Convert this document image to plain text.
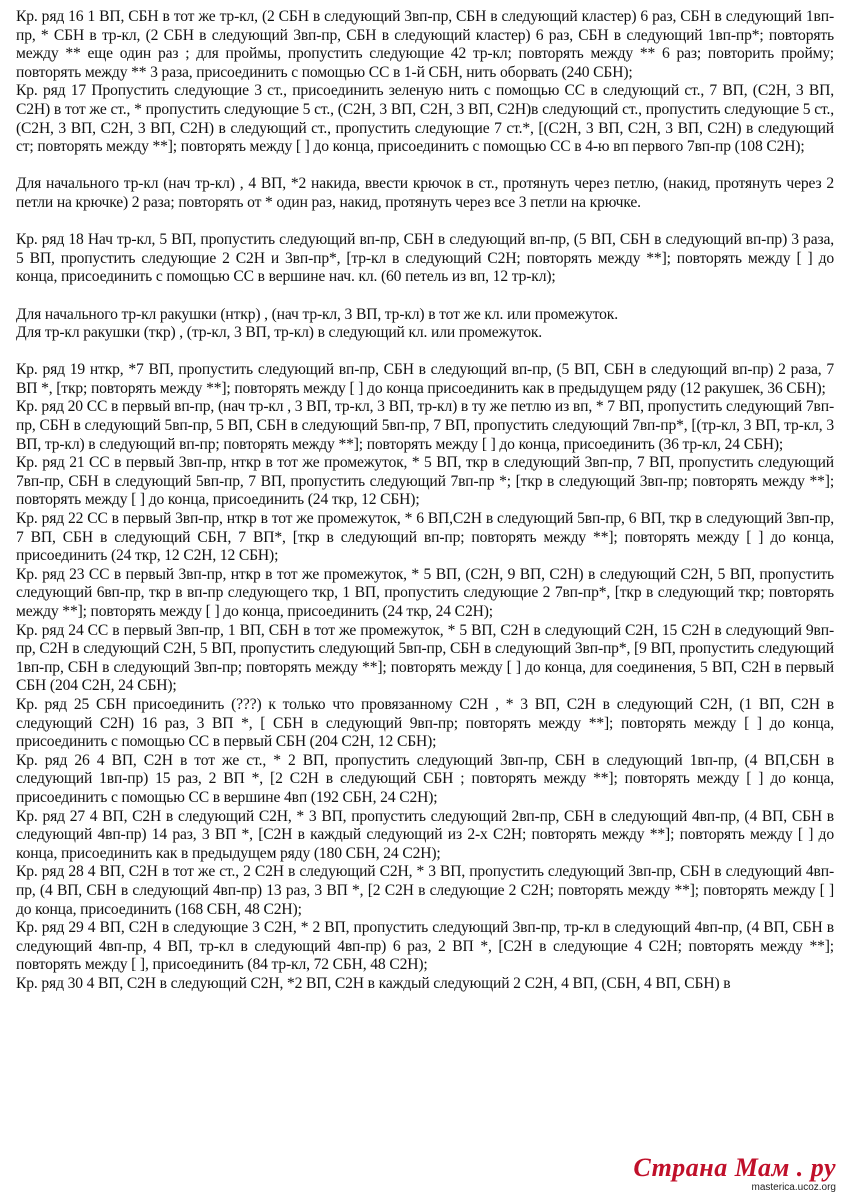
Кр. ряд 16 1 ВП, СБН в тот же тр-кл, (2 СБН в следующий 3вп-пр, СБН в следующий кластер) 6 раз, СБН в следующий 1вп-пр, * СБН в тр-кл, (2 СБН в следующий 3вп-пр, СБН в следующий кластер) 6 раз, СБН в следующий 1вп-пр*; повторять между ** еще один раз ; для проймы, пропустить следующие 42 тр-кл; повторять между ** 6 раз; повторить пройму; повторять между ** 3 раза, присоединить с помощью СС в 1-й СБН, нить оборвать (240 СБН);

Кр. ряд 17 Пропустить следующие 3 ст., присоединить зеленую нить с помощью СС в следующий ст., 7 ВП, (С2Н, 3 ВП, С2Н) в тот же ст., * пропустить следующие 5 ст., (С2Н, 3 ВП, С2Н, 3 ВП, С2Н)в следующий ст., пропустить следующие 5 ст., (С2Н, 3 ВП, С2Н, 3 ВП, С2Н) в следующий ст., пропустить следующие 7 ст.*, [(С2Н, 3 ВП, С2Н, 3 ВП, С2Н) в следующий ст; повторять между **]; повторять между [ ] до конца, присоединить с помощью СС в 4-ю вп первого 7вп-пр (108 С2Н);

Для начального тр-кл (нач тр-кл) , 4 ВП, *2 накида, ввести крючок в ст., протянуть через петлю, (накид, протянуть через 2 петли на крючке) 2 раза; повторять от * один раз, накид, протянуть через все 3 петли на крючке.

Кр. ряд 18 Нач тр-кл, 5 ВП, пропустить следующий вп-пр, СБН в следующий вп-пр, (5 ВП, СБН в следующий вп-пр) 3 раза, 5 ВП, пропустить следующие 2 С2Н и 3вп-пр*, [тр-кл в следующий С2Н; повторять между **]; повторять между [ ] до конца, присоединить с помощью СС в вершине нач. кл. (60 петель из вп, 12 тр-кл);

Для начального тр-кл ракушки (нткр) , (нач тр-кл, 3 ВП, тр-кл) в тот же кл. или промежуток.

Для тр-кл ракушки (ткр) , (тр-кл, 3 ВП, тр-кл) в следующий кл. или промежуток.

Кр. ряд 19 нткр, *7 ВП, пропустить следующий вп-пр, СБН в следующий вп-пр, (5 ВП, СБН в следующий вп-пр) 2 раза, 7 ВП *, [ткр; повторять между **]; повторять между [ ] до конца присоединить как в предыдущем ряду (12 ракушек, 36 СБН);

Кр. ряд 20 СС в первый вп-пр, (нач тр-кл , 3 ВП, тр-кл, 3 ВП, тр-кл) в ту же петлю из вп, * 7 ВП, пропустить следующий 7вп-пр, СБН в следующий 5вп-пр, 5 ВП, СБН в следующий 5вп-пр, 7 ВП, пропустить следующий 7вп-пр*, [(тр-кл, 3 ВП, тр-кл, 3 ВП, тр-кл) в следующий вп-пр; повторять между **]; повторять между [ ] до конца, присоединить (36 тр-кл, 24 СБН);

Кр. ряд 21 СС в первый 3вп-пр, нткр в тот же промежуток, * 5 ВП, ткр в следующий 3вп-пр, 7 ВП, пропустить следующий 7вп-пр, СБН в следующий 5вп-пр, 7 ВП, пропустить следующий 7вп-пр *; [ткр в следующий 3вп-пр; повторять между **]; повторять между [ ] до конца, присоединить (24 ткр, 12 СБН);

Кр. ряд 22 СС в первый 3вп-пр, нткр в тот же промежуток, * 6 ВП,С2Н в следующий 5вп-пр, 6 ВП, ткр в следующий 3вп-пр, 7 ВП, СБН в следующий СБН, 7 ВП*, [ткр в следующий вп-пр; повторять между **]; повторять между [ ] до конца, присоединить (24 ткр, 12 С2Н, 12 СБН);

Кр. ряд 23 СС в первый 3вп-пр, нткр в тот же промежуток, * 5 ВП, (С2Н, 9 ВП, С2Н) в следующий С2Н, 5 ВП, пропустить следующий 6вп-пр, ткр в вп-пр следующего ткр, 1 ВП, пропустить следующие 2 7вп-пр*, [ткр в следующий ткр; повторять между **]; повторять между [ ] до конца, присоединить (24 ткр, 24 С2Н);

Кр. ряд 24 СС в первый 3вп-пр, 1 ВП, СБН в тот же промежуток, * 5 ВП, С2Н в следующий С2Н, 15 С2Н в следующий 9вп-пр, С2Н в следующий С2Н, 5 ВП, пропустить следующий 5вп-пр, СБН в следующий 3вп-пр*, [9 ВП, пропустить следующий 1вп-пр, СБН в следующий 3вп-пр; повторять между **]; повторять между [ ] до конца, для соединения, 5 ВП, С2Н в первый СБН (204 С2Н, 24 СБН);

Кр. ряд 25 СБН присоединить (???) к только что провязанному С2Н , * 3 ВП, С2Н в следующий С2Н, (1 ВП, С2Н в следующий С2Н) 16 раз, 3 ВП *, [ СБН в следующий 9вп-пр; повторять между **]; повторять между [ ] до конца, присоединить с помощью СС в первый СБН (204 С2Н, 12 СБН);

Кр. ряд 26 4 ВП, С2Н в тот же ст., * 2 ВП, пропустить следующий 3вп-пр, СБН в следующий 1вп-пр, (4 ВП,СБН в следующий 1вп-пр) 15 раз, 2 ВП *, [2 С2Н в следующий СБН ; повторять между **]; повторять между [ ] до конца, присоединить с помощью СС в вершине 4вп (192 СБН, 24 С2Н);

Кр. ряд 27 4 ВП, С2Н в следующий С2Н, * 3 ВП, пропустить следующий 2вп-пр, СБН в следующий 4вп-пр, (4 ВП, СБН в следующий 4вп-пр) 14 раз, 3 ВП *, [С2Н в каждый следующий из 2-х С2Н; повторять между **]; повторять между [ ] до конца, присоединить как в предыдущем ряду (180 СБН, 24 С2Н);

Кр. ряд 28 4 ВП, С2Н в тот же ст., 2 С2Н в следующий С2Н, * 3 ВП, пропустить следующий 3вп-пр, СБН в следующий 4вп-пр, (4 ВП, СБН в следующий 4вп-пр) 13 раз, 3 ВП *, [2 С2Н в следующие 2 С2Н; повторять между **]; повторять между [ ] до конца, присоединить (168 СБН, 48 С2Н);

Кр. ряд 29 4 ВП, С2Н в следующие 3 С2Н, * 2 ВП, пропустить следующий 3вп-пр, тр-кл в следующий 4вп-пр, (4 ВП, СБН в следующий 4вп-пр, 4 ВП, тр-кл в следующий 4вп-пр) 6 раз, 2 ВП *, [С2Н в следующие 4 С2Н; повторять между **]; повторять между [ ], присоединить (84 тр-кл, 72 СБН, 48 С2Н);

Кр. ряд 30 4 ВП, С2Н в следующий С2Н, *2 ВП, С2Н в каждый следующий 2 С2Н, 4 ВП, (СБН, 4 ВП, СБН) в

Страна Мам . ру
masterica.ucoz.org
